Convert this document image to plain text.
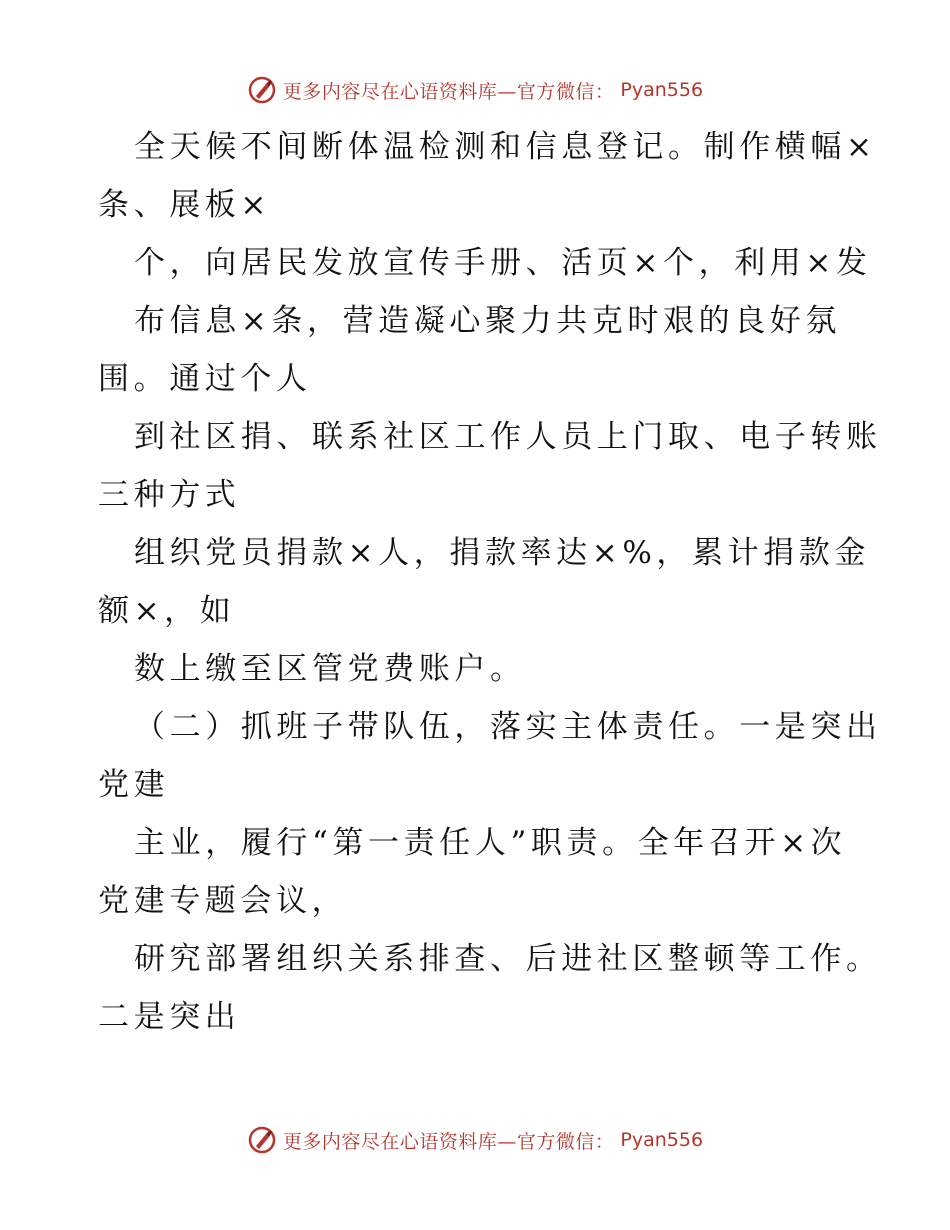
更多内容尽在心语资料库—官方微信： Pyan556
全天候不间断体温检测和信息登记。制作横幅×
条、展板×
个，向居民发放宣传手册、活页×个，利用×发
布信息×条，营造凝心聚力共克时艰的良好氛
围。通过个人
到社区捐、联系社区工作人员上门取、电子转账
三种方式
组织党员捐款×人，捐款率达×%，累计捐款金
额×，如
数上缴至区管党费账户。
（二）抓班子带队伍，落实主体责任。一是突出
党建
主业，履行“第一责任人”职责。全年召开×次
党建专题会议，
研究部署组织关系排查、后进社区整顿等工作。
二是突出
更多内容尽在心语资料库—官方微信： Pyan556
